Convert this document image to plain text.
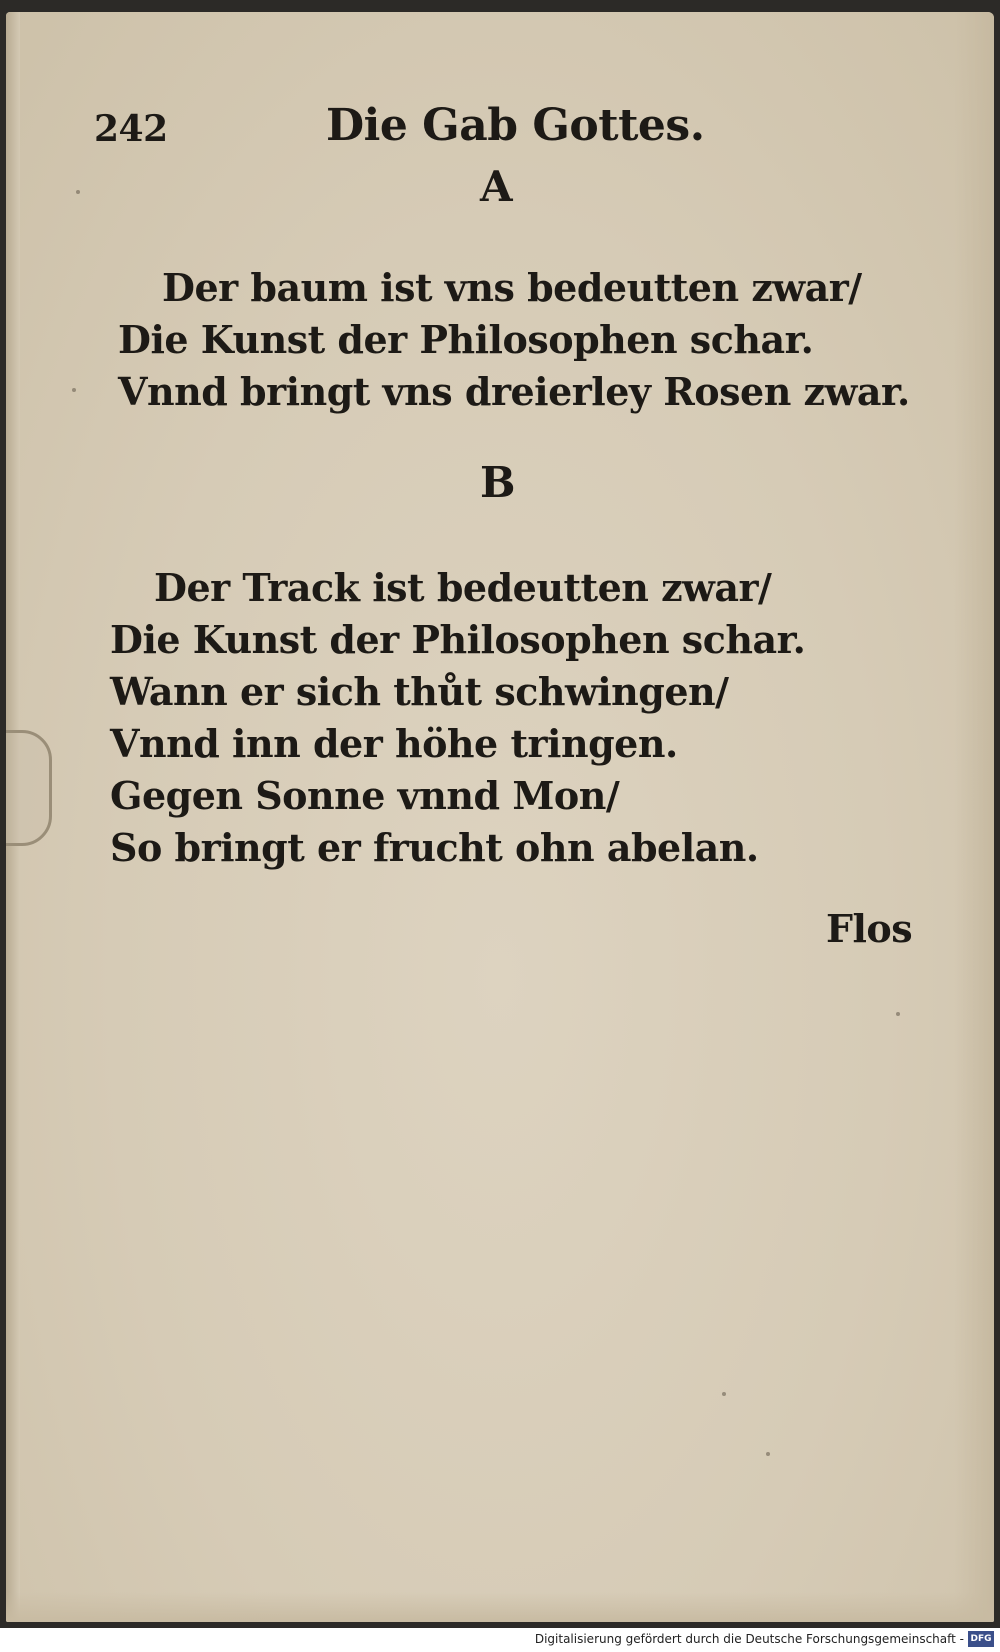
242	Die Gab Gottes.
A
Der baum ist vns bedeutten zwar/
Die Kunst der Philosophen schar.
Vnnd bringt vns dreierley Rosen zwar.
B
Der Track ist bedeutten zwar/
Die Kunst der Philosophen schar.
Wann er sich thůt schwingen/
Vnnd inn der höhe tringen.
Gegen Sonne vnnd Mon/
So bringt er frucht ohn abelan.
Flos
Digitalisierung gefördert durch die Deutsche Forschungsgemeinschaft - DFG
